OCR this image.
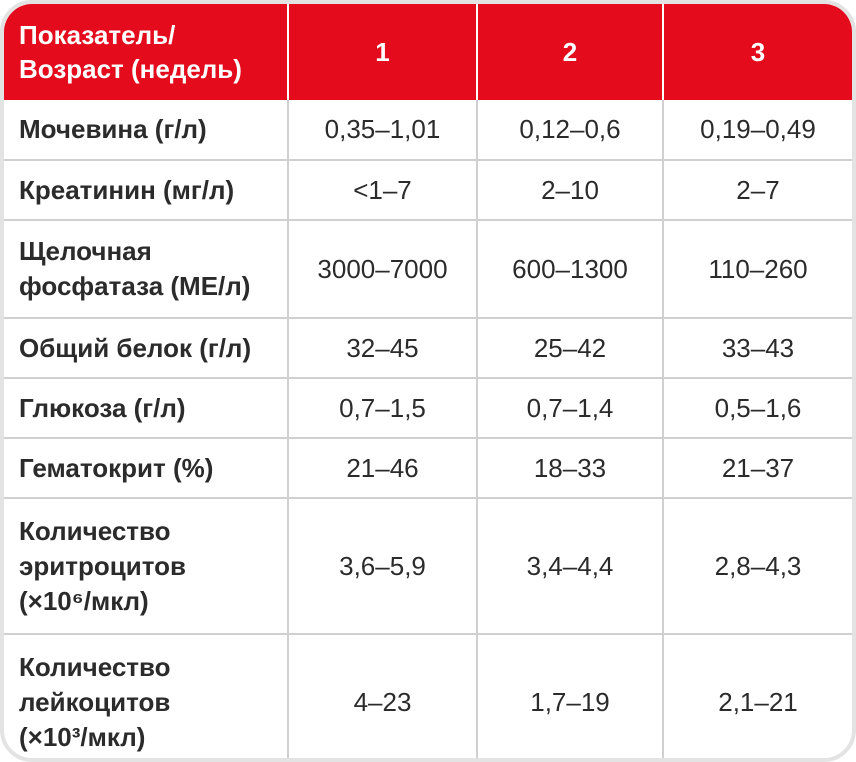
Показатель/
Возраст (недель)	1	2	3
Мочевина (г/л)	0,35–1,01	0,12–0,6	0,19–0,49
Креатинин (мг/л)	<1–7	2–10	2–7
Щелочная
фосфатаза (МЕ/л)	3000–7000	600–1300	110–260
Общий белок (г/л)	32–45	25–42	33–43
Глюкоза (г/л)	0,7–1,5	0,7–1,4	0,5–1,6
Гематокрит (%)	21–46	18–33	21–37
Количество
эритроцитов
(×10⁶/мкл)	3,6–5,9	3,4–4,4	2,8–4,3
Количество
лейкоцитов
(×10³/мкл)	4–23	1,7–19	2,1–21
